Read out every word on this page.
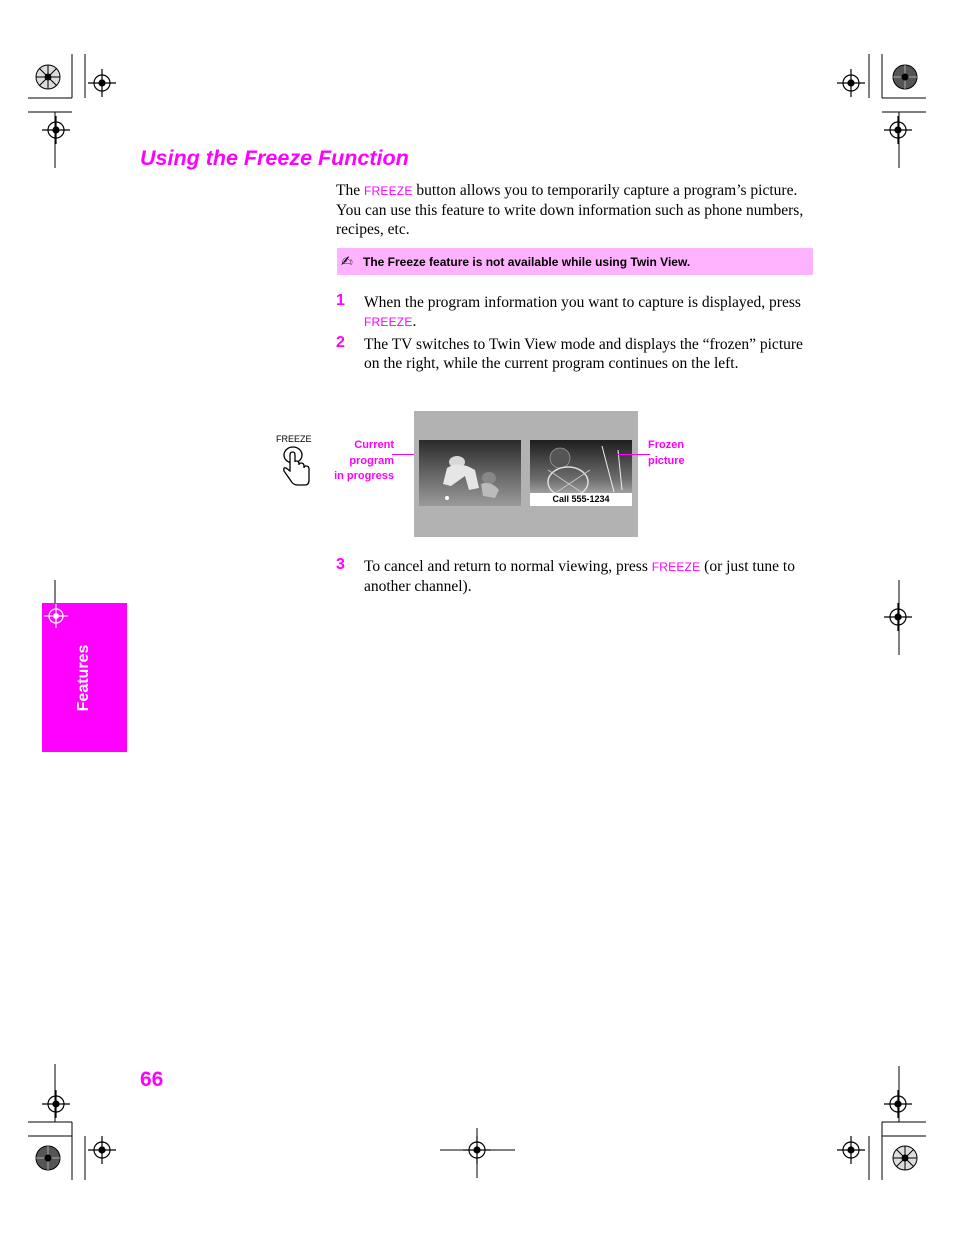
Using the Freeze Function
The FREEZE button allows you to temporarily capture a program’s picture. You can use this feature to write down information such as phone numbers, recipes, etc.
✍ The Freeze feature is not available while using Twin View.
1 When the program information you want to capture is displayed, press FREEZE.
2 The TV switches to Twin View mode and displays the “frozen” picture on the right, while the current program continues on the left.
FREEZE	Current
program
in progress
Call 555-1234
Frozen
picture
3 To cancel and return to normal viewing, press FREEZE (or just tune to another channel).
Features
66
